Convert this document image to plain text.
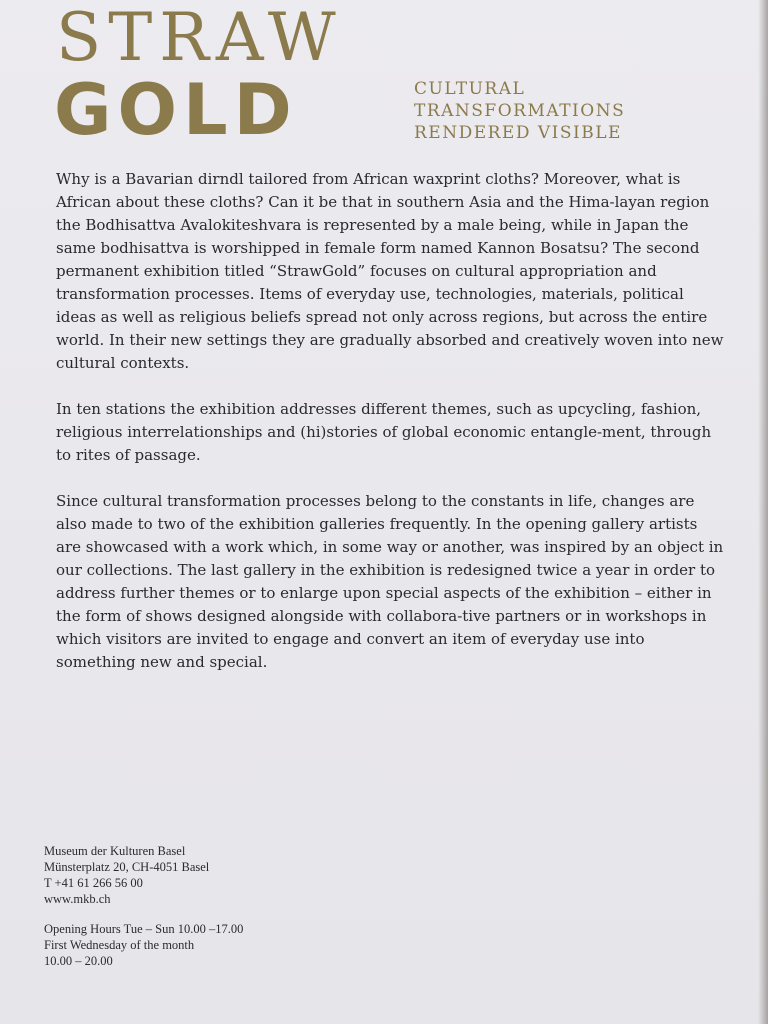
STRAW
GOLD	CULTURAL
TRANSFORMATIONS
RENDERED VISIBLE

Why is a Bavarian dirndl tailored from African waxprint cloths? Moreover, what is African about these cloths? Can it be that in southern Asia and the Hima-layan region the Bodhisattva Avalokiteshvara is represented by a male being, while in Japan the same bodhisattva is worshipped in female form named Kannon Bosatsu? The second permanent exhibition titled “StrawGold” focuses on cultural appropriation and transformation processes. Items of everyday use, technologies, materials, political ideas as well as religious beliefs spread not only across regions, but across the entire world. In their new settings they are gradually absorbed and creatively woven into new cultural contexts.

In ten stations the exhibition addresses different themes, such as upcycling, fashion, religious interrelationships and (hi)stories of global economic entangle-ment, through to rites of passage.

Since cultural transformation processes belong to the constants in life, changes are also made to two of the exhibition galleries frequently. In the opening gallery artists are showcased with a work which, in some way or another, was inspired by an object in our collections. The last gallery in the exhibition is redesigned twice a year in order to address further themes or to enlarge upon special aspects of the exhibition – either in the form of shows designed alongside with collabora-tive partners or in workshops in which visitors are invited to engage and convert an item of everyday use into something new and special.

Museum der Kulturen Basel
Münsterplatz 20, CH-4051 Basel
T +41 61 266 56 00
www.mkb.ch
Opening Hours Tue – Sun 10.00 –17.00
First Wednesday of the month
10.00 – 20.00
